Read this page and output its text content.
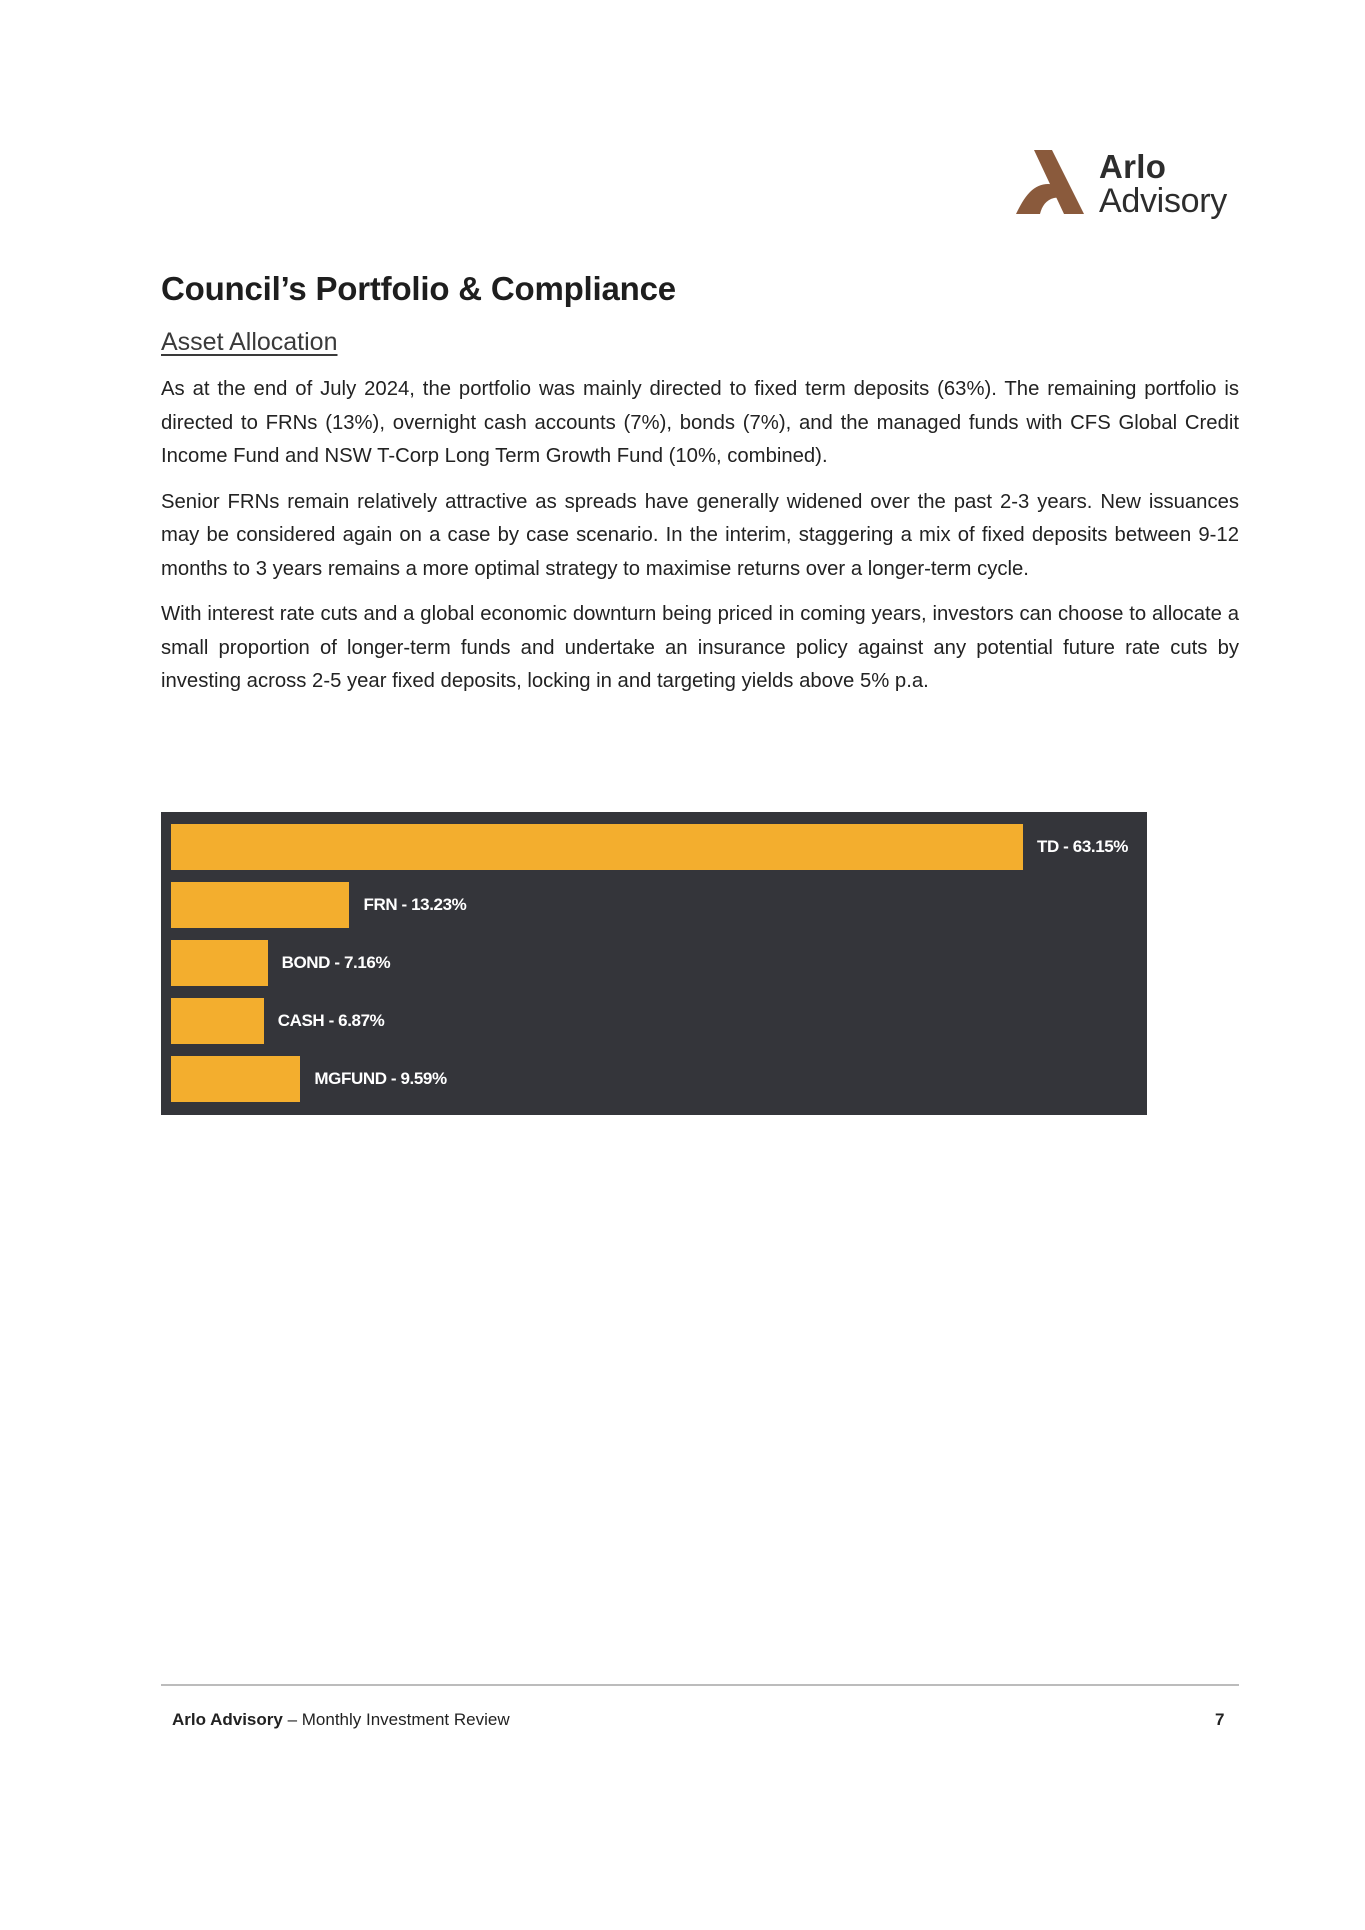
Arlo
Advisory
Council’s Portfolio & Compliance
Asset Allocation

As at the end of July 2024, the portfolio was mainly directed to fixed term deposits (63%). The remaining portfolio is directed to FRNs (13%), overnight cash accounts (7%), bonds (7%), and the managed funds with CFS Global Credit Income Fund and NSW T-Corp Long Term Growth Fund (10%, combined).

Senior FRNs remain relatively attractive as spreads have generally widened over the past 2-3 years. New issuances may be considered again on a case by case scenario. In the interim, staggering a mix of fixed deposits between 9-12 months to 3 years remains a more optimal strategy to maximise returns over a longer-term cycle.

With interest rate cuts and a global economic downturn being priced in coming years, investors can choose to allocate a small proportion of longer-term funds and undertake an insurance policy against any potential future rate cuts by investing across 2-5 year fixed deposits, locking in and targeting yields above 5% p.a.

TD - 63.15%
FRN - 13.23%
BOND - 7.16%
CASH - 6.87%
MGFUND - 9.59%
Arlo Advisory – Monthly Investment Review	7
